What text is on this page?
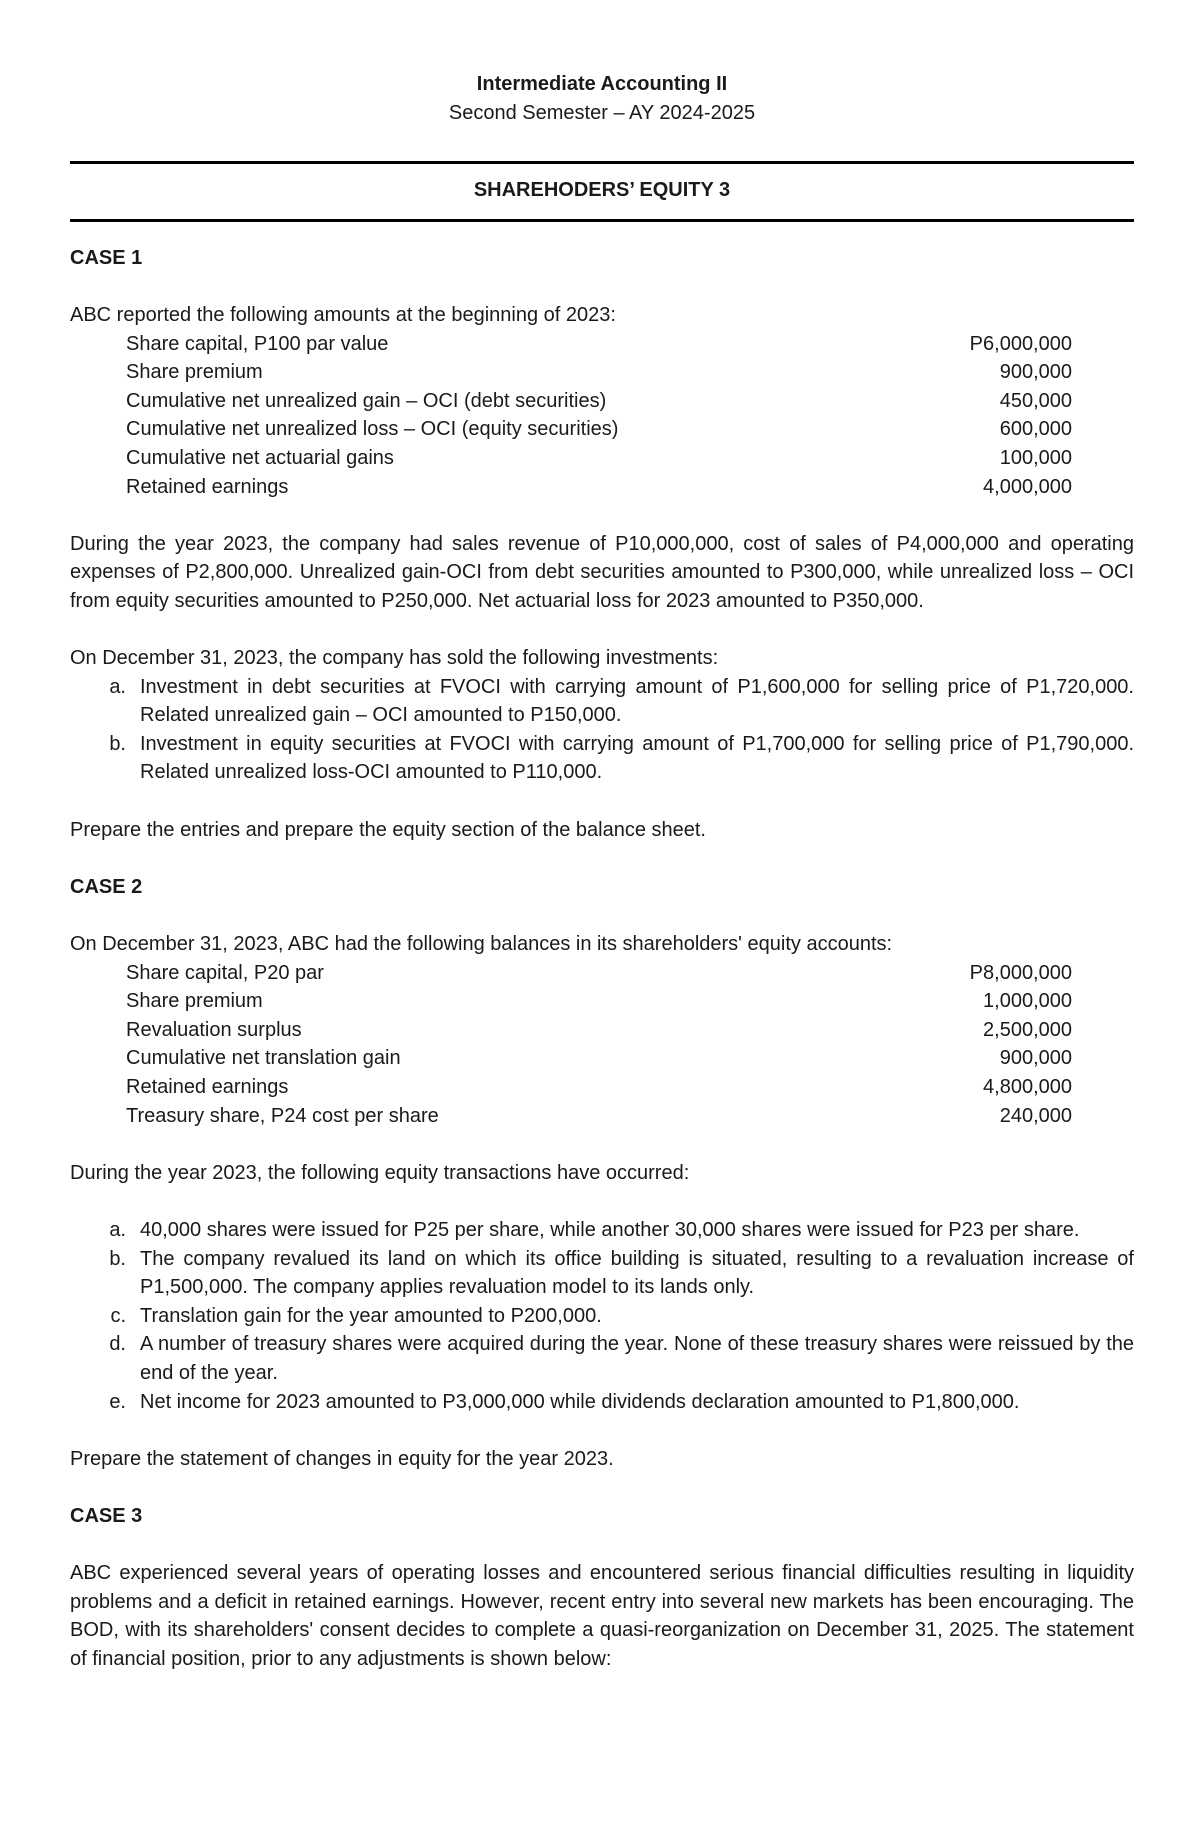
Intermediate Accounting II

Second Semester – AY 2024-2025

SHAREHODERS’ EQUITY 3

CASE 1

ABC reported the following amounts at the beginning of 2023:

Share capital, P100 par value	P6,000,000
Share premium	900,000
Cumulative net unrealized gain – OCI (debt securities)	450,000
Cumulative net unrealized loss – OCI (equity securities)	600,000
Cumulative net actuarial gains	100,000
Retained earnings	4,000,000

During the year 2023, the company had sales revenue of P10,000,000, cost of sales of P4,000,000 and operating expenses of P2,800,000. Unrealized gain-OCI from debt securities amounted to P300,000, while unrealized loss – OCI from equity securities amounted to P250,000. Net actuarial loss for 2023 amounted to P350,000.

On December 31, 2023, the company has sold the following investments:

a. Investment in debt securities at FVOCI with carrying amount of P1,600,000 for selling price of P1,720,000. Related unrealized gain – OCI amounted to P150,000.
b. Investment in equity securities at FVOCI with carrying amount of P1,700,000 for selling price of P1,790,000. Related unrealized loss-OCI amounted to P110,000.

Prepare the entries and prepare the equity section of the balance sheet.

CASE 2

On December 31, 2023, ABC had the following balances in its shareholders' equity accounts:

Share capital, P20 par	P8,000,000
Share premium	1,000,000
Revaluation surplus	2,500,000
Cumulative net translation gain	900,000
Retained earnings	4,800,000
Treasury share, P24 cost per share	240,000

During the year 2023, the following equity transactions have occurred:

a. 40,000 shares were issued for P25 per share, while another 30,000 shares were issued for P23 per share.
b. The company revalued its land on which its office building is situated, resulting to a revaluation increase of P1,500,000. The company applies revaluation model to its lands only.
c. Translation gain for the year amounted to P200,000.
d. A number of treasury shares were acquired during the year. None of these treasury shares were reissued by the end of the year.
e. Net income for 2023 amounted to P3,000,000 while dividends declaration amounted to P1,800,000.

Prepare the statement of changes in equity for the year 2023.

CASE 3

ABC experienced several years of operating losses and encountered serious financial difficulties resulting in liquidity problems and a deficit in retained earnings. However, recent entry into several new markets has been encouraging. The BOD, with its shareholders' consent decides to complete a quasi-reorganization on December 31, 2025. The statement of financial position, prior to any adjustments is shown below:
